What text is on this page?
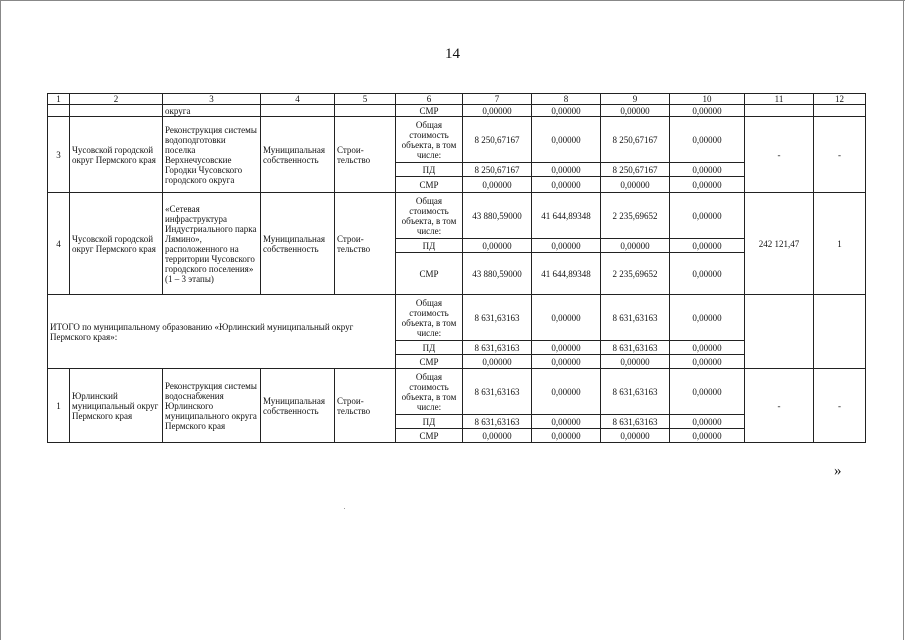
14
1	2	3	4	5	6	7	8	9	10	11	12
		округа			СМР	0,00000	0,00000	0,00000	0,00000		
3	Чусовской городской округ Пермского края	Реконструкция системы водоподготовки поселка Верхнечусовские Городки Чусовского городского округа	Муниципальная собственность	Строи-тельство	Общая стоимость объекта, в том числе:	8 250,67167	0,00000	8 250,67167	0,00000	-	-
					ПД	8 250,67167	0,00000	8 250,67167	0,00000		
					СМР	0,00000	0,00000	0,00000	0,00000		
4	Чусовской городской округ Пермского края	«Сетевая инфраструктура Индустриального парка Лямино», расположенного на территории Чусовского городского поселения» (1 – 3 этапы)	Муниципальная собственность	Строи-тельство	Общая стоимость объекта, в том числе:	43 880,59000	41 644,89348	2 235,69652	0,00000	242 121,47	1
					ПД	0,00000	0,00000	0,00000	0,00000		
					СМР	43 880,59000	41 644,89348	2 235,69652	0,00000		
ИТОГО по муниципальному образованию «Юрлинский муниципальный округ Пермского края»:					Общая стоимость объекта, в том числе:	8 631,63163	0,00000	8 631,63163	0,00000		
					ПД	8 631,63163	0,00000	8 631,63163	0,00000		
					СМР	0,00000	0,00000	0,00000	0,00000		
1	Юрлинский муниципальный округ Пермского края	Реконструкция системы водоснабжения Юрлинского муниципального округа Пермского края	Муниципальная собственность	Строи-тельство	Общая стоимость объекта, в том числе:	8 631,63163	0,00000	8 631,63163	0,00000	-	-
					ПД	8 631,63163	0,00000	8 631,63163	0,00000		
					СМР	0,00000	0,00000	0,00000	0,00000		
»
